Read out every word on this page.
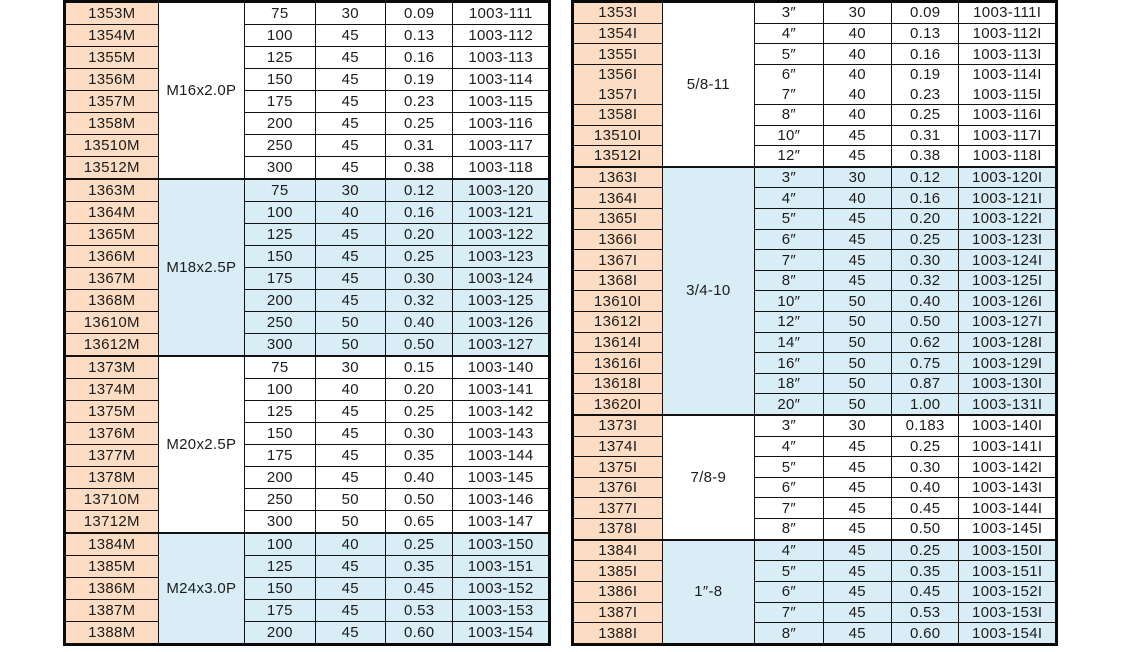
1353M	M16x2.0P	75	30	0.09	1003-111
1354M		100	45	0.13	1003-112
1355M		125	45	0.16	1003-113
1356M		150	45	0.19	1003-114
1357M		175	45	0.23	1003-115
1358M		200	45	0.25	1003-116
13510M		250	45	0.31	1003-117
13512M		300	45	0.38	1003-118
1363M	M18x2.5P	75	30	0.12	1003-120
1364M		100	40	0.16	1003-121
1365M		125	45	0.20	1003-122
1366M		150	45	0.25	1003-123
1367M		175	45	0.30	1003-124
1368M		200	45	0.32	1003-125
13610M		250	50	0.40	1003-126
13612M		300	50	0.50	1003-127
1373M	M20x2.5P	75	30	0.15	1003-140
1374M		100	40	0.20	1003-141
1375M		125	45	0.25	1003-142
1376M		150	45	0.30	1003-143
1377M		175	45	0.35	1003-144
1378M		200	45	0.40	1003-145
13710M		250	50	0.50	1003-146
13712M		300	50	0.65	1003-147
1384M	M24x3.0P	100	40	0.25	1003-150
1385M		125	45	0.35	1003-151
1386M		150	45	0.45	1003-152
1387M		175	45	0.53	1003-153
1388M		200	45	0.60	1003-154
1353I	5/8-11	3″	30	0.09	1003-111I
1354I		4″	40	0.13	1003-112I
1355I		5″	40	0.16	1003-113I
1356I		6″	40	0.19	1003-114I
1357I		7″	40	0.23	1003-115I
1358I		8″	40	0.25	1003-116I
13510I		10″	45	0.31	1003-117I
13512I		12″	45	0.38	1003-118I
1363I	3/4-10	3″	30	0.12	1003-120I
1364I		4″	40	0.16	1003-121I
1365I		5″	45	0.20	1003-122I
1366I		6″	45	0.25	1003-123I
1367I		7″	45	0.30	1003-124I
1368I		8″	45	0.32	1003-125I
13610I		10″	50	0.40	1003-126I
13612I		12″	50	0.50	1003-127I
13614I		14″	50	0.62	1003-128I
13616I		16″	50	0.75	1003-129I
13618I		18″	50	0.87	1003-130I
13620I		20″	50	1.00	1003-131I
1373I	7/8-9	3″	30	0.183	1003-140I
1374I		4″	45	0.25	1003-141I
1375I		5″	45	0.30	1003-142I
1376I		6″	45	0.40	1003-143I
1377I		7″	45	0.45	1003-144I
1378I		8″	45	0.50	1003-145I
1384I	1″-8	4″	45	0.25	1003-150I
1385I		5″	45	0.35	1003-151I
1386I		6″	45	0.45	1003-152I
1387I		7″	45	0.53	1003-153I
1388I		8″	45	0.60	1003-154I
